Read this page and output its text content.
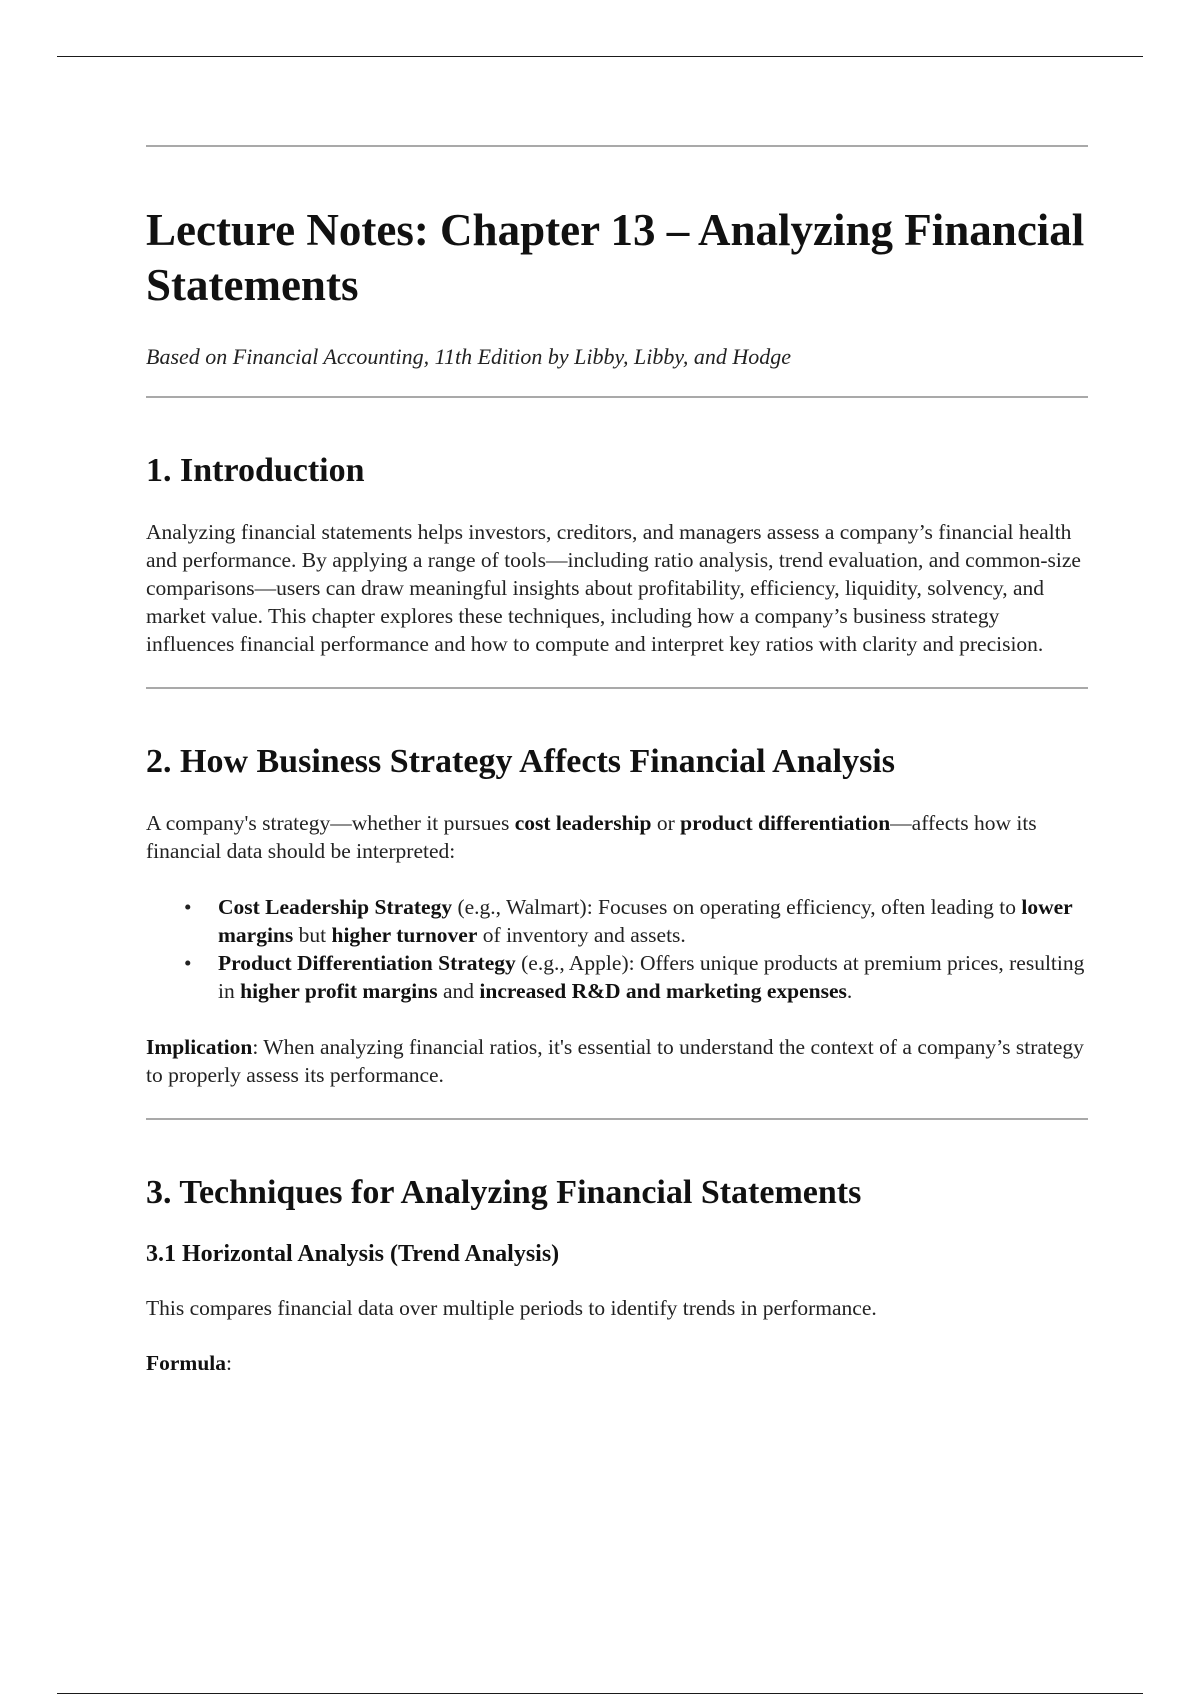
Lecture Notes: Chapter 13 – Analyzing Financial Statements

Based on Financial Accounting, 11th Edition by Libby, Libby, and Hodge

1. Introduction

Analyzing financial statements helps investors, creditors, and managers assess a company’s financial health and performance. By applying a range of tools—including ratio analysis, trend evaluation, and common-size comparisons—users can draw meaningful insights about profitability, efficiency, liquidity, solvency, and market value. This chapter explores these techniques, including how a company’s business strategy influences financial performance and how to compute and interpret key ratios with clarity and precision.

2. How Business Strategy Affects Financial Analysis

A company's strategy—whether it pursues cost leadership or product differentiation—affects how its financial data should be interpreted:

• Cost Leadership Strategy (e.g., Walmart): Focuses on operating efficiency, often leading to lower margins but higher turnover of inventory and assets.
• Product Differentiation Strategy (e.g., Apple): Offers unique products at premium prices, resulting in higher profit margins and increased R&D and marketing expenses.

Implication: When analyzing financial ratios, it's essential to understand the context of a company’s strategy to properly assess its performance.

3. Techniques for Analyzing Financial Statements
3.1 Horizontal Analysis (Trend Analysis)

This compares financial data over multiple periods to identify trends in performance.

Formula:
